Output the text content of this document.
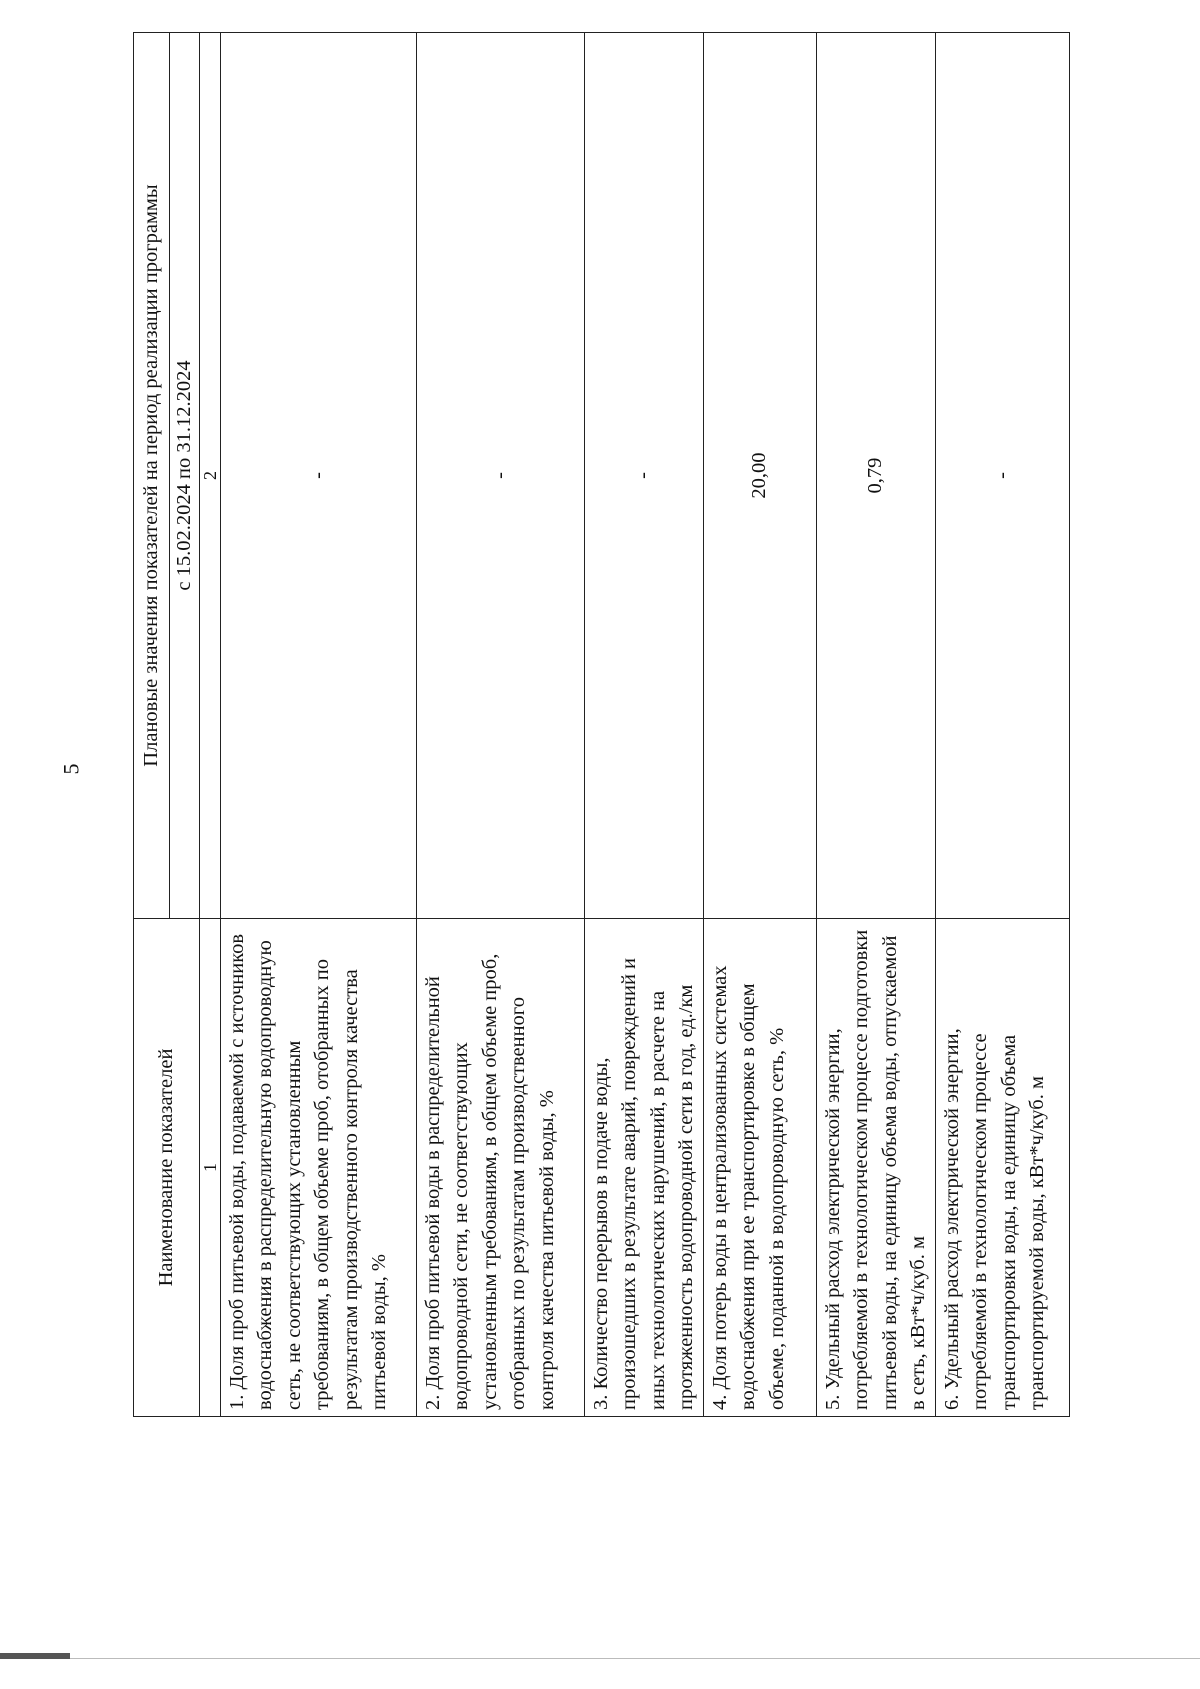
5
Наименование показателей	Плановые значения показателей на период реализации программы
	с 15.02.2024 по 31.12.2024
1	2
1. Доля проб питьевой воды, подаваемой с источников водоснабжения в распределительную водопроводную сеть, не соответствующих установленным требованиям, в общем объеме проб, отобранных по результатам производственного контроля качества питьевой воды, %	-
2. Доля проб питьевой воды в распределительной водопроводной сети, не соответствующих установленным требованиям, в общем объеме проб, отобранных по результатам производственного контроля качества питьевой воды, %	-
3. Количество перерывов в подаче воды, произошедших в результате аварий, повреждений и иных технологических нарушений, в расчете на протяженность водопроводной сети в год, ед./км	-
4. Доля потерь воды в централизованных системах водоснабжения при ее транспортировке в общем объеме, поданной в водопроводную сеть, %	20,00
5. Удельный расход электрической энергии, потребляемой в технологическом процессе подготовки питьевой воды, на единицу объема воды, отпускаемой в сеть, кВт*ч/куб. м	0,79
6. Удельный расход электрической энергии, потребляемой в технологическом процессе транспортировки воды, на единицу объема транспортируемой воды, кВт*ч/куб. м	-
